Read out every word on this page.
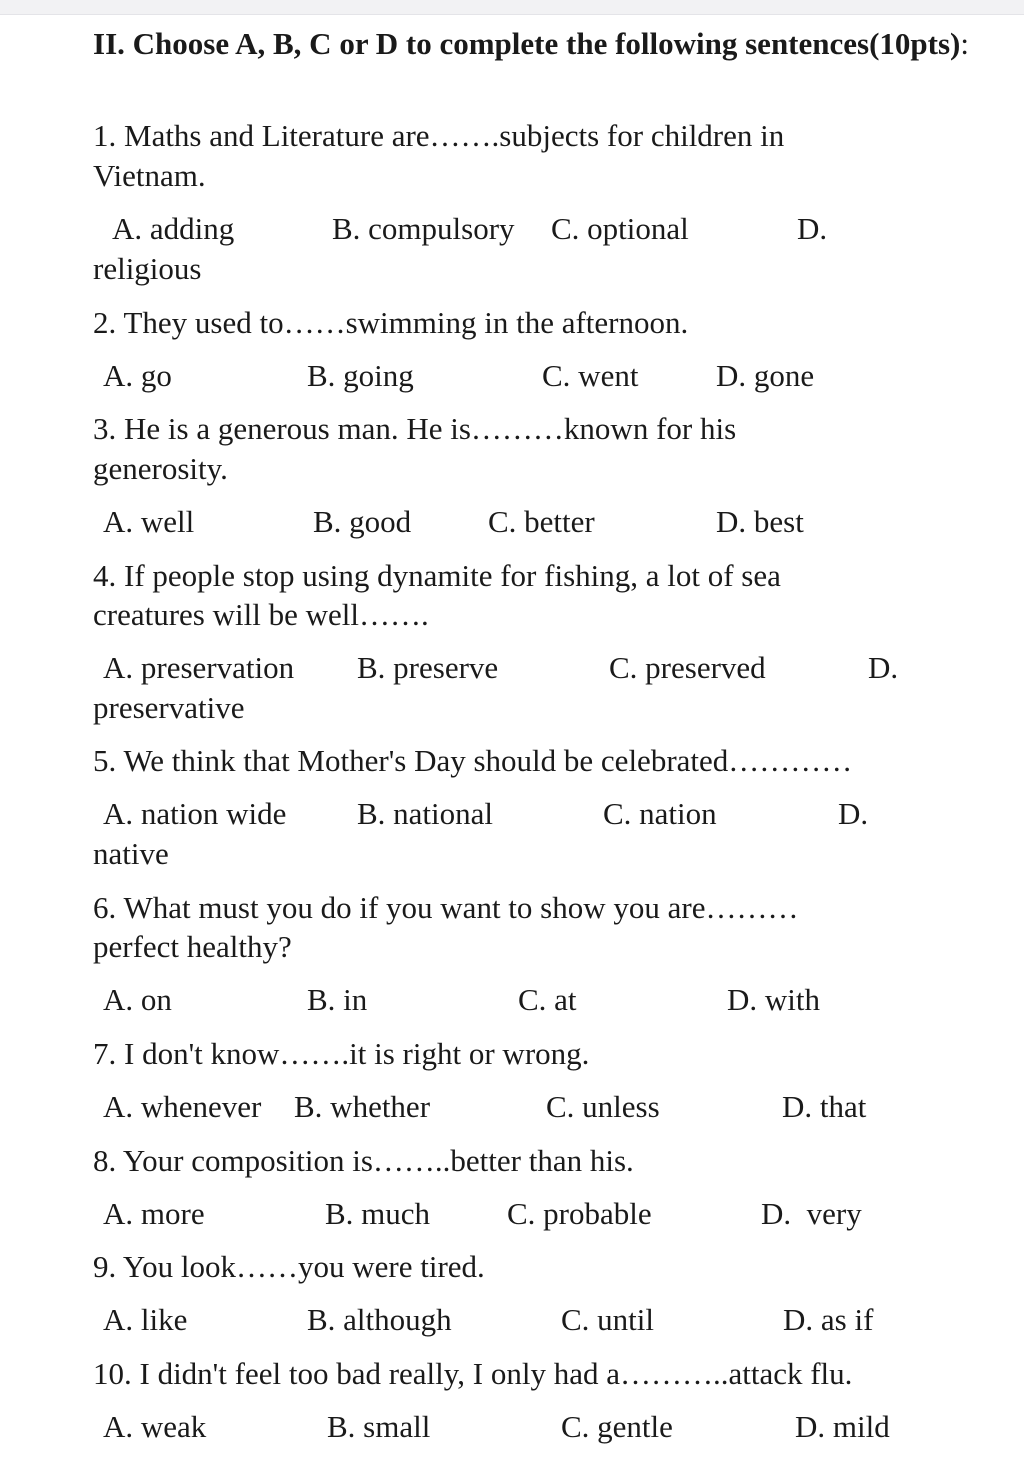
II. Choose A, B, C or D to complete the following sentences(10pts):
1. Maths and Literature are…….subjects for children in
Vietnam.
A. adding	B. compulsory C. optional	D.
religious
2. They used to……swimming in the afternoon.
A. go	B. going	C. went	D. gone
3. He is a generous man. He is………known for his
generosity.
A. well	B. good C. better	D. best
4. If people stop using dynamite for fishing, a lot of sea
creatures will be well…….
A. preservation B. preserve	C. preserved	D.
preservative
5. We think that Mother's Day should be celebrated…………
A. nation wide B. national	C. nation	D.
native
6. What must you do if you want to show you are………
perfect healthy?
A. on	B. in	C. at	D. with
7. I don't know…….it is right or wrong.
A. whenever B. whether	C. unless	D. that
8. Your composition is……..better than his.
A. more	B. much C. probable	D.  very
9. You look……you were tired.
A. like	B. although	C. until	D. as if
10. I didn't feel too bad really, I only had a………..attack flu.
A. weak	B. small	C. gentle	D. mild
